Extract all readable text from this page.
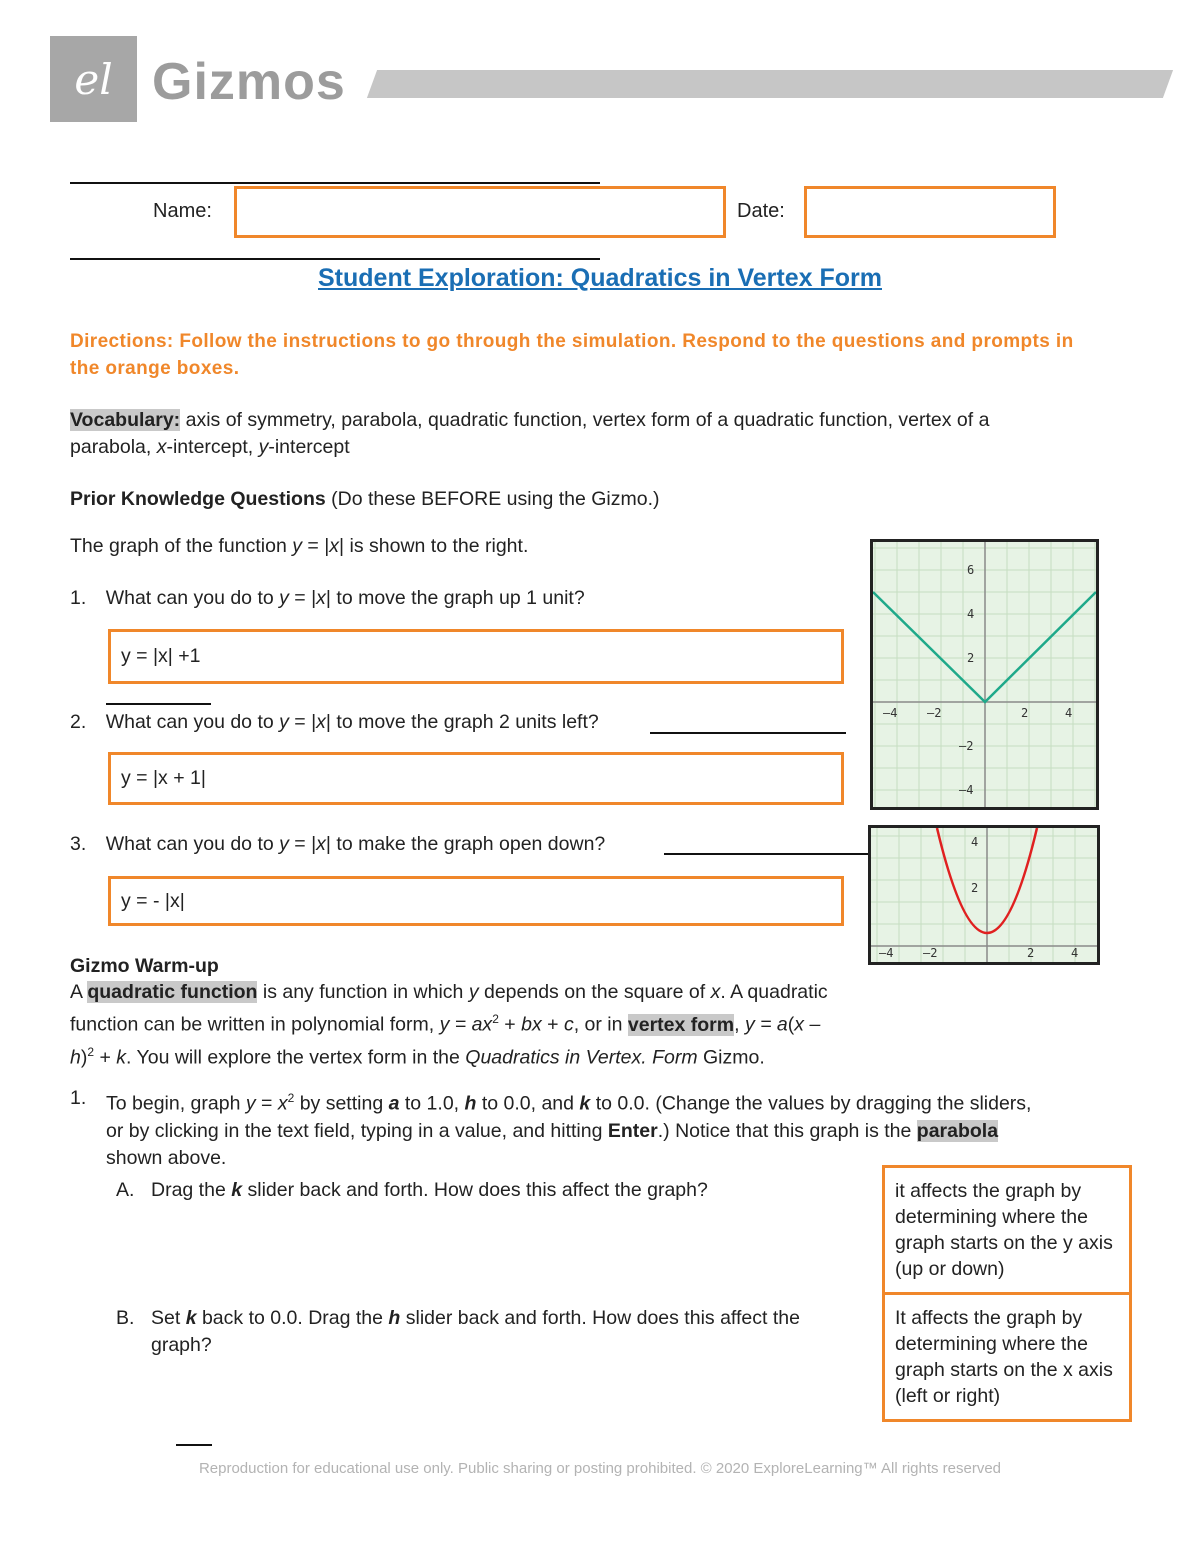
el Gizmos
Name:	Date:
Student Exploration: Quadratics in Vertex Form
Directions: Follow the instructions to go through the simulation. Respond to the questions and prompts in the orange boxes.
Vocabulary: axis of symmetry, parabola, quadratic function, vertex form of a quadratic function, vertex of a
parabola, x-intercept, y-intercept
Prior Knowledge Questions (Do these BEFORE using the Gizmo.)
The graph of the function y = |x| is shown to the right.
1. What can you do to y = |x| to move the graph up 1 unit?
y = |x| +1
2. What can you do to y = |x| to move the graph 2 units left?
y = |x + 1|
3. What can you do to y = |x| to make the graph open down?
y = - |x|
–4 –2	2	4
6
4
2
–2
–4
–4 –2	2	4
4
2
Gizmo Warm-up
A quadratic function is any function in which y depends on the square of x. A quadratic
function can be written in polynomial form, $y = ax^2$ + bx + c, or in vertex form, y = a(x –
h)$^2$ + k. You will explore the vertex form in the Quadratics in Vertex. Form Gizmo.
1. To begin, graph $y = x^2$ by setting a to 1.0, h to 0.0, and k to 0.0. (Change the values by dragging the sliders,
or by clicking in the text field, typing in a value, and hitting Enter.) Notice that this graph is the parabola
shown above.
A. Drag the k slider back and forth. How does this affect the graph?	it affects the graph by determining where the graph starts on the y axis (up or down)
B. Set k back to 0.0. Drag the h slider back and forth. How does this affect the
graph?
It affects the graph by determining where the graph starts on the x axis (left or right)
Reproduction for educational use only. Public sharing or posting prohibited. © 2020 ExploreLearning™ All rights reserved
